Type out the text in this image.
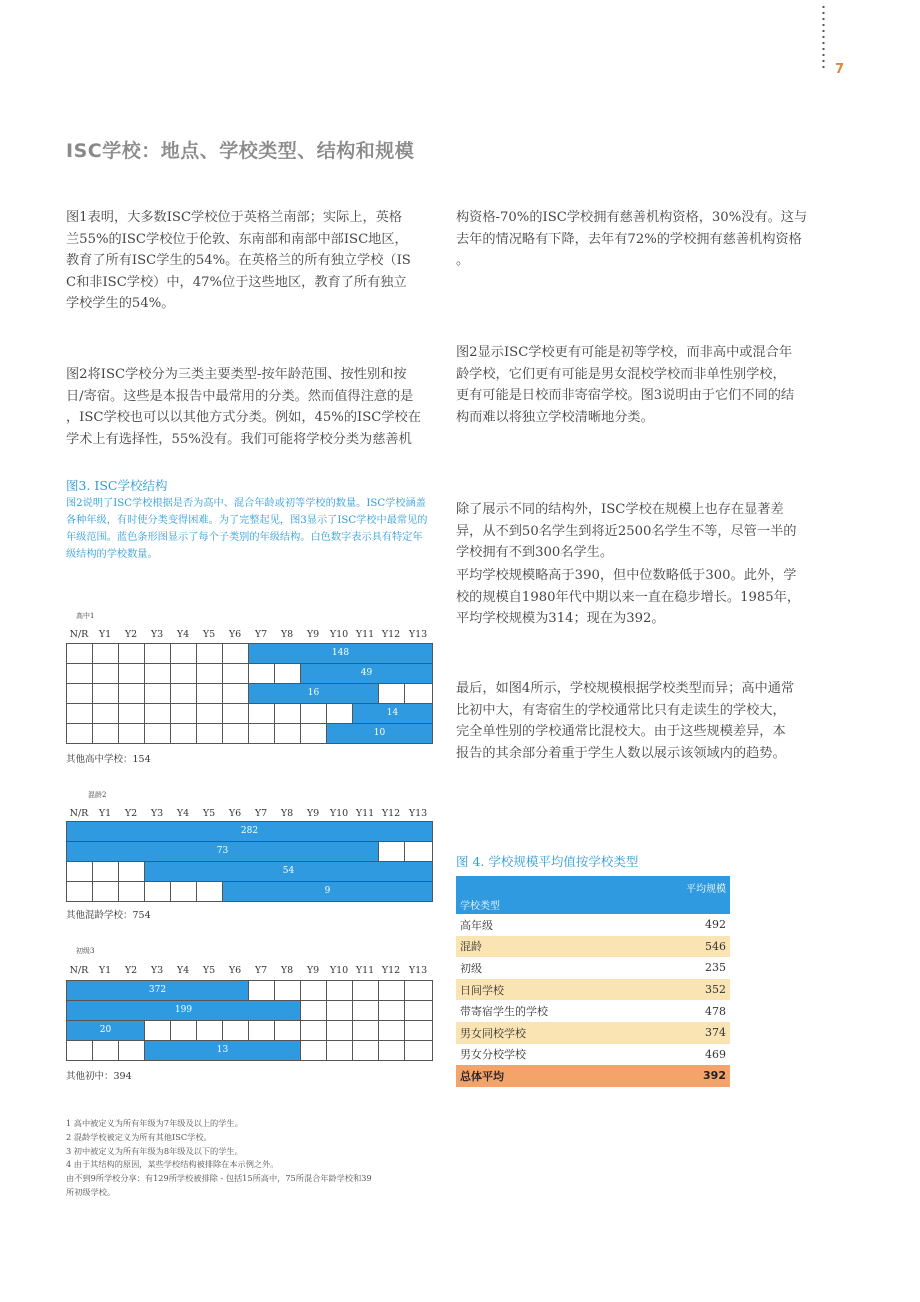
7
ISC学校：地点、学校类型、结构和规模
图1表明，大多数ISC学校位于英格兰南部；实际上，英格
兰55%的ISC学校位于伦敦、东南部和南部中部ISC地区，
教育了所有ISC学生的54%。在英格兰的所有独立学校（IS
C和非ISC学校）中，47%位于这些地区，教育了所有独立
学校学生的54%。
图2将ISC学校分为三类主要类型-按年龄范围、按性别和按
日/寄宿。这些是本报告中最常用的分类。然而值得注意的是
，ISC学校也可以以其他方式分类。例如，45%的ISC学校在
学术上有选择性，55%没有。我们可能将学校分类为慈善机
构资格-70%的ISC学校拥有慈善机构资格，30%没有。这与
去年的情况略有下降，去年有72%的学校拥有慈善机构资格
。
图2显示ISC学校更有可能是初等学校，而非高中或混合年
龄学校，它们更有可能是男女混校学校而非单性别学校，
更有可能是日校而非寄宿学校。图3说明由于它们不同的结
构而难以将独立学校清晰地分类。
除了展示不同的结构外，ISC学校在规模上也存在显著差
异，从不到50名学生到将近2500名学生不等，尽管一半的
学校拥有不到300名学生。
平均学校规模略高于390，但中位数略低于300。此外，学
校的规模自1980年代中期以来一直在稳步增长。1985年，
平均学校规模为314；现在为392。
最后，如图4所示，学校规模根据学校类型而异；高中通常
比初中大，有寄宿生的学校通常比只有走读生的学校大，
完全单性别的学校通常比混校大。由于这些规模差异，本
报告的其余部分着重于学生人数以展示该领域内的趋势。
图3. ISC学校结构
图2说明了ISC学校根据是否为高中、混合年龄或初等学校的数量。ISC学校涵盖各种年级，有时使分类变得困难。为了完整起见，图3显示了ISC学校中最常见的年级范围。蓝色条形图显示了每个子类别的年级结构。白色数字表示具有特定年级结构的学校数量。
高中1
N/R Y1 Y2 Y3 Y4 Y5 Y6 Y7 Y8 Y9 Y10 Y11 Y12 Y13
148
49
16
14
10
其他高中学校：154
混龄2
N/R Y1 Y2 Y3 Y4 Y5 Y6 Y7 Y8 Y9 Y10 Y11 Y12 Y13
282
73
54
9
其他混龄学校：754
初级3
N/R Y1 Y2 Y3 Y4 Y5 Y6 Y7 Y8 Y9 Y10 Y11 Y12 Y13
372
199
20
13
其他初中：394
图 4. 学校规模平均值按学校类型
学校类型	平均规模
高年级	492
混龄	546
初级	235
日间学校	352
带寄宿学生的学校	478
男女同校学校	374
男女分校学校	469
总体平均	392
1 高中被定义为所有年级为7年级及以上的学生。
2 混龄学校被定义为所有其他ISC学校。
3 初中被定义为所有年级为8年级及以下的学生。
4 由于其结构的原因，某些学校结构被排除在本示例之外。
由不到9所学校分享：有129所学校被排除 - 包括15所高中，75所混合年龄学校和39
所初级学校。
